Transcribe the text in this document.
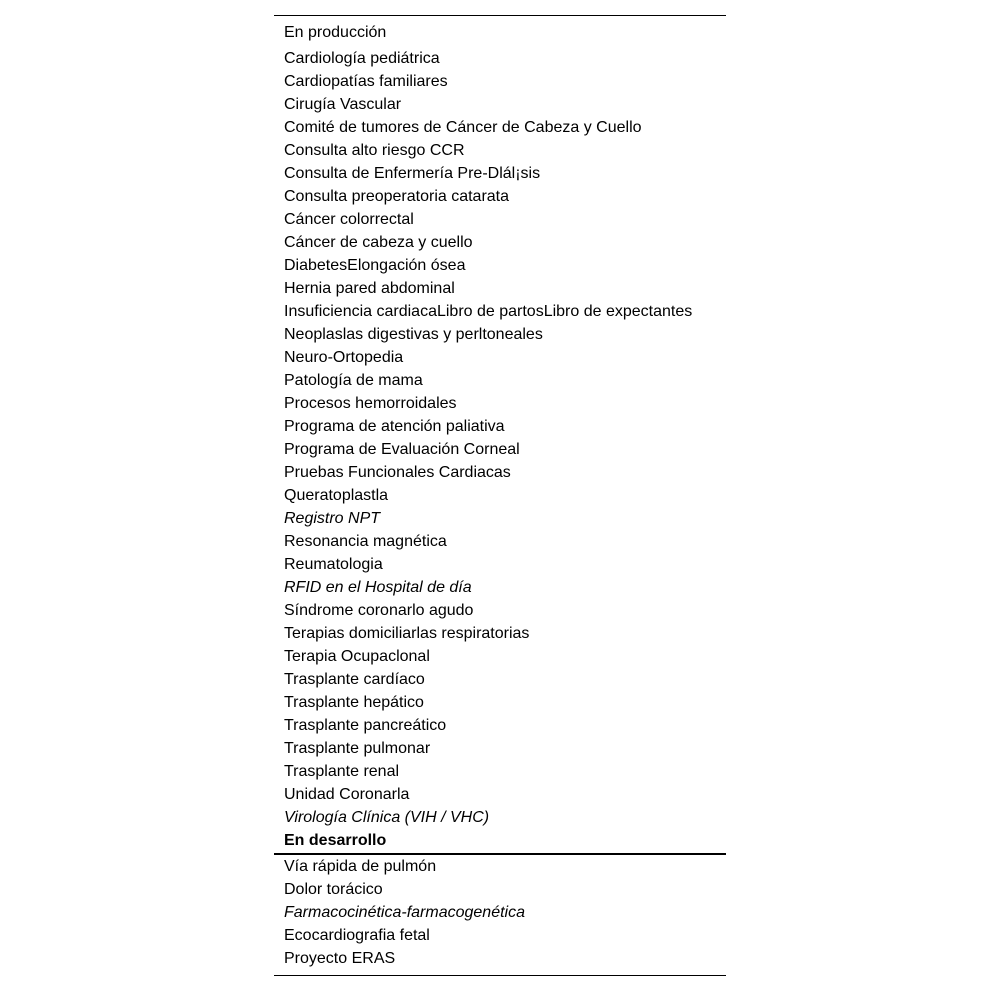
En producción
Cardiología pediátrica
Cardiopatías familiares
Cirugía Vascular
Comité de tumores de Cáncer de Cabeza y Cuello
Consulta alto riesgo CCR
Consulta de Enfermería Pre-Dlál¡sis
Consulta preoperatoria catarata
Cáncer colorrectal
Cáncer de cabeza y cuello
DiabetesElongación ósea
Hernia pared abdominal
Insuficiencia cardiacaLibro de partosLibro de expectantes
Neoplaslas digestivas y perltoneales
Neuro-Ortopedia
Patología de mama
Procesos hemorroidales
Programa de atención paliativa
Programa de Evaluación Corneal
Pruebas Funcionales Cardiacas
Queratoplastla
Registro NPT
Resonancia magnética
Reumatologia
RFID en el Hospital de día
Síndrome coronarlo agudo
Terapias domiciliarlas respiratorias
Terapia Ocupaclonal
Trasplante cardíaco
Trasplante hepático
Trasplante pancreático
Trasplante pulmonar
Trasplante renal
Unidad Coronarla
Virología Clínica (VIH / VHC)
En desarrollo
Vía rápida de pulmón
Dolor torácico
Farmacocinética-farmacogenética
Ecocardiografia fetal
Proyecto ERAS
